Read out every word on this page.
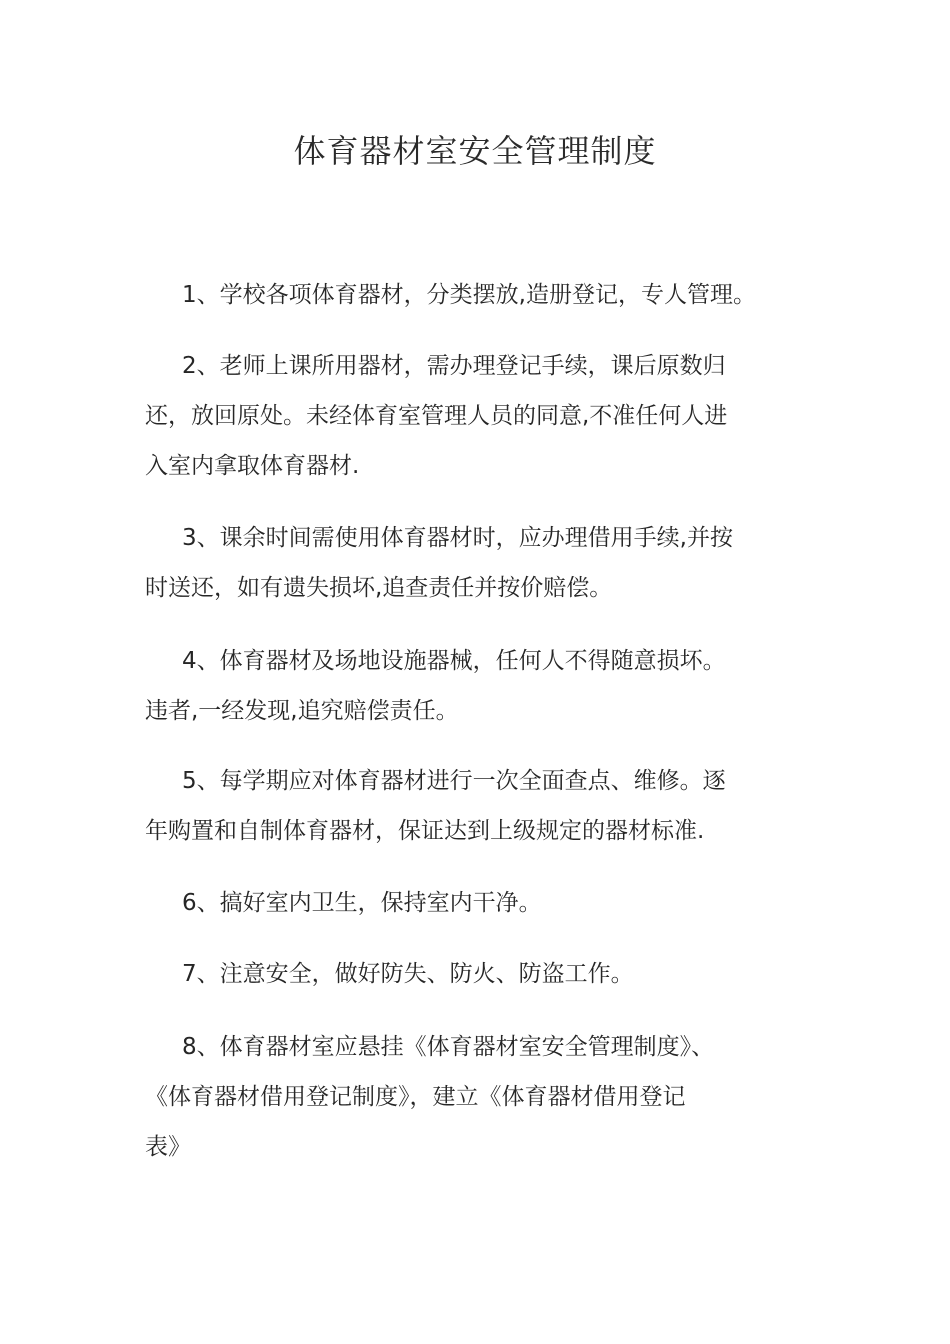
体育器材室安全管理制度
1、学校各项体育器材，分类摆放,造册登记，专人管理。
2、老师上课所用器材，需办理登记手续，课后原数归
还，放回原处。未经体育室管理人员的同意,不准任何人进
入室内拿取体育器材.
3、课余时间需使用体育器材时，应办理借用手续,并按
时送还，如有遗失损坏,追查责任并按价赔偿。
4、体育器材及场地设施器械，任何人不得随意损坏。
违者,一经发现,追究赔偿责任。
5、每学期应对体育器材进行一次全面查点、维修。逐
年购置和自制体育器材，保证达到上级规定的器材标准.
6、搞好室内卫生，保持室内干净。
7、注意安全，做好防失、防火、防盗工作。
8、体育器材室应悬挂《体育器材室安全管理制度》、
《体育器材借用登记制度》，建立《体育器材借用登记
表》
